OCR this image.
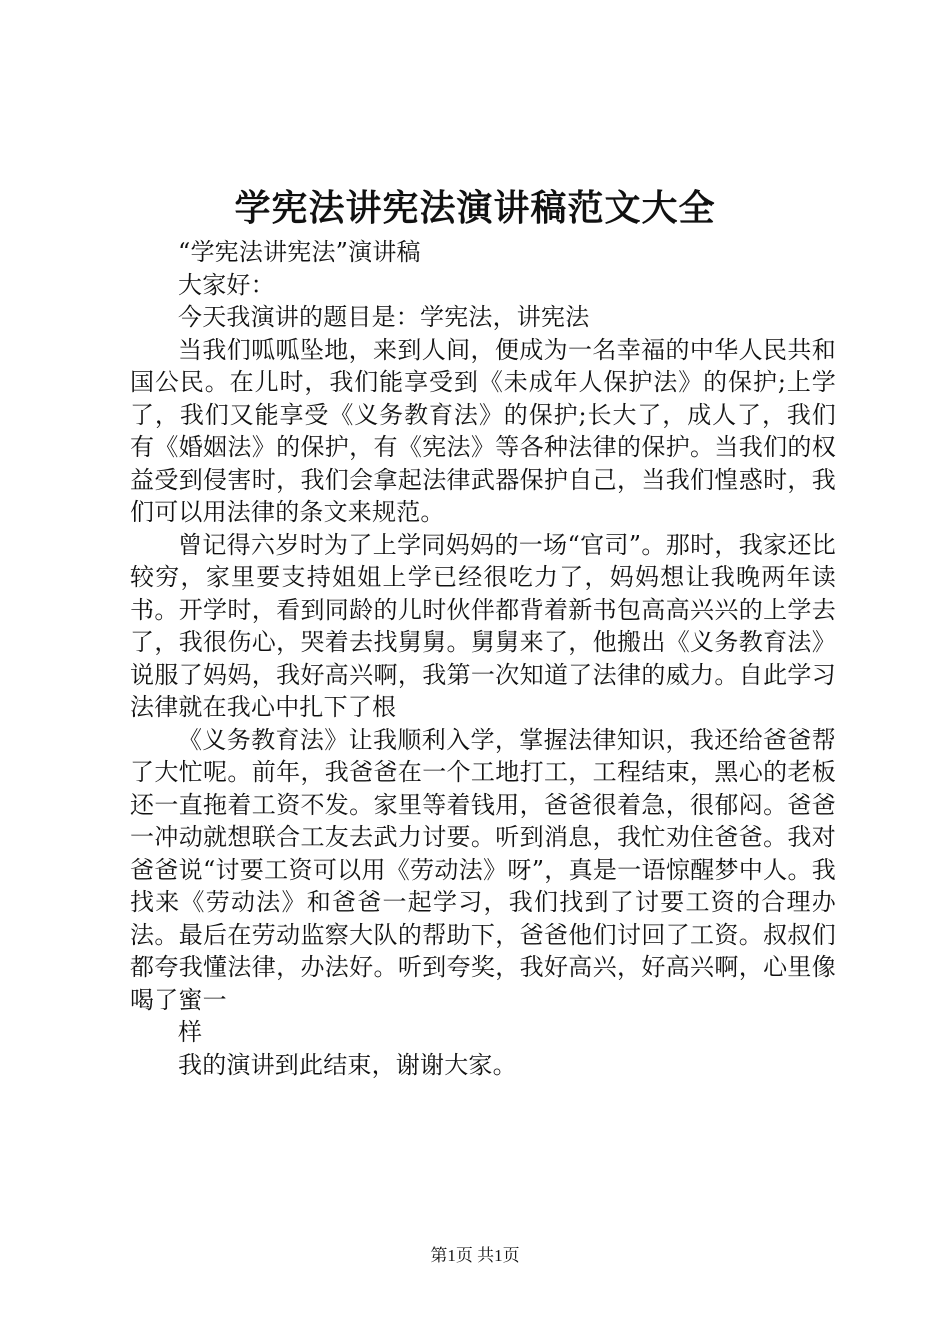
学宪法讲宪法演讲稿范文大全

“学宪法讲宪法”演讲稿

大家好：

今天我演讲的题目是：学宪法，讲宪法

当我们呱呱坠地，来到人间，便成为一名幸福的中华人民共和国公民。在儿时，我们能享受到《未成年人保护法》的保护;上学了，我们又能享受《义务教育法》的保护;长大了，成人了，我们有《婚姻法》的保护，有《宪法》等各种法律的保护。当我们的权益受到侵害时，我们会拿起法律武器保护自己，当我们惶惑时，我们可以用法律的条文来规范。

曾记得六岁时为了上学同妈妈的一场“官司”。那时，我家还比较穷，家里要支持姐姐上学已经很吃力了，妈妈想让我晚两年读书。开学时，看到同龄的儿时伙伴都背着新书包高高兴兴的上学去了，我很伤心，哭着去找舅舅。舅舅来了，他搬出《义务教育法》说服了妈妈，我好高兴啊，我第一次知道了法律的威力。自此学习法律就在我心中扎下了根

《义务教育法》让我顺利入学，掌握法律知识，我还给爸爸帮了大忙呢。前年，我爸爸在一个工地打工，工程结束，黑心的老板还一直拖着工资不发。家里等着钱用，爸爸很着急，很郁闷。爸爸一冲动就想联合工友去武力讨要。听到消息，我忙劝住爸爸。我对爸爸说“讨要工资可以用《劳动法》呀”，真是一语惊醒梦中人。我找来《劳动法》和爸爸一起学习，我们找到了讨要工资的合理办法。最后在劳动监察大队的帮助下，爸爸他们讨回了工资。叔叔们都夸我懂法律，办法好。听到夸奖，我好高兴，好高兴啊，心里像喝了蜜一

样

我的演讲到此结束，谢谢大家。

第1页 共1页
